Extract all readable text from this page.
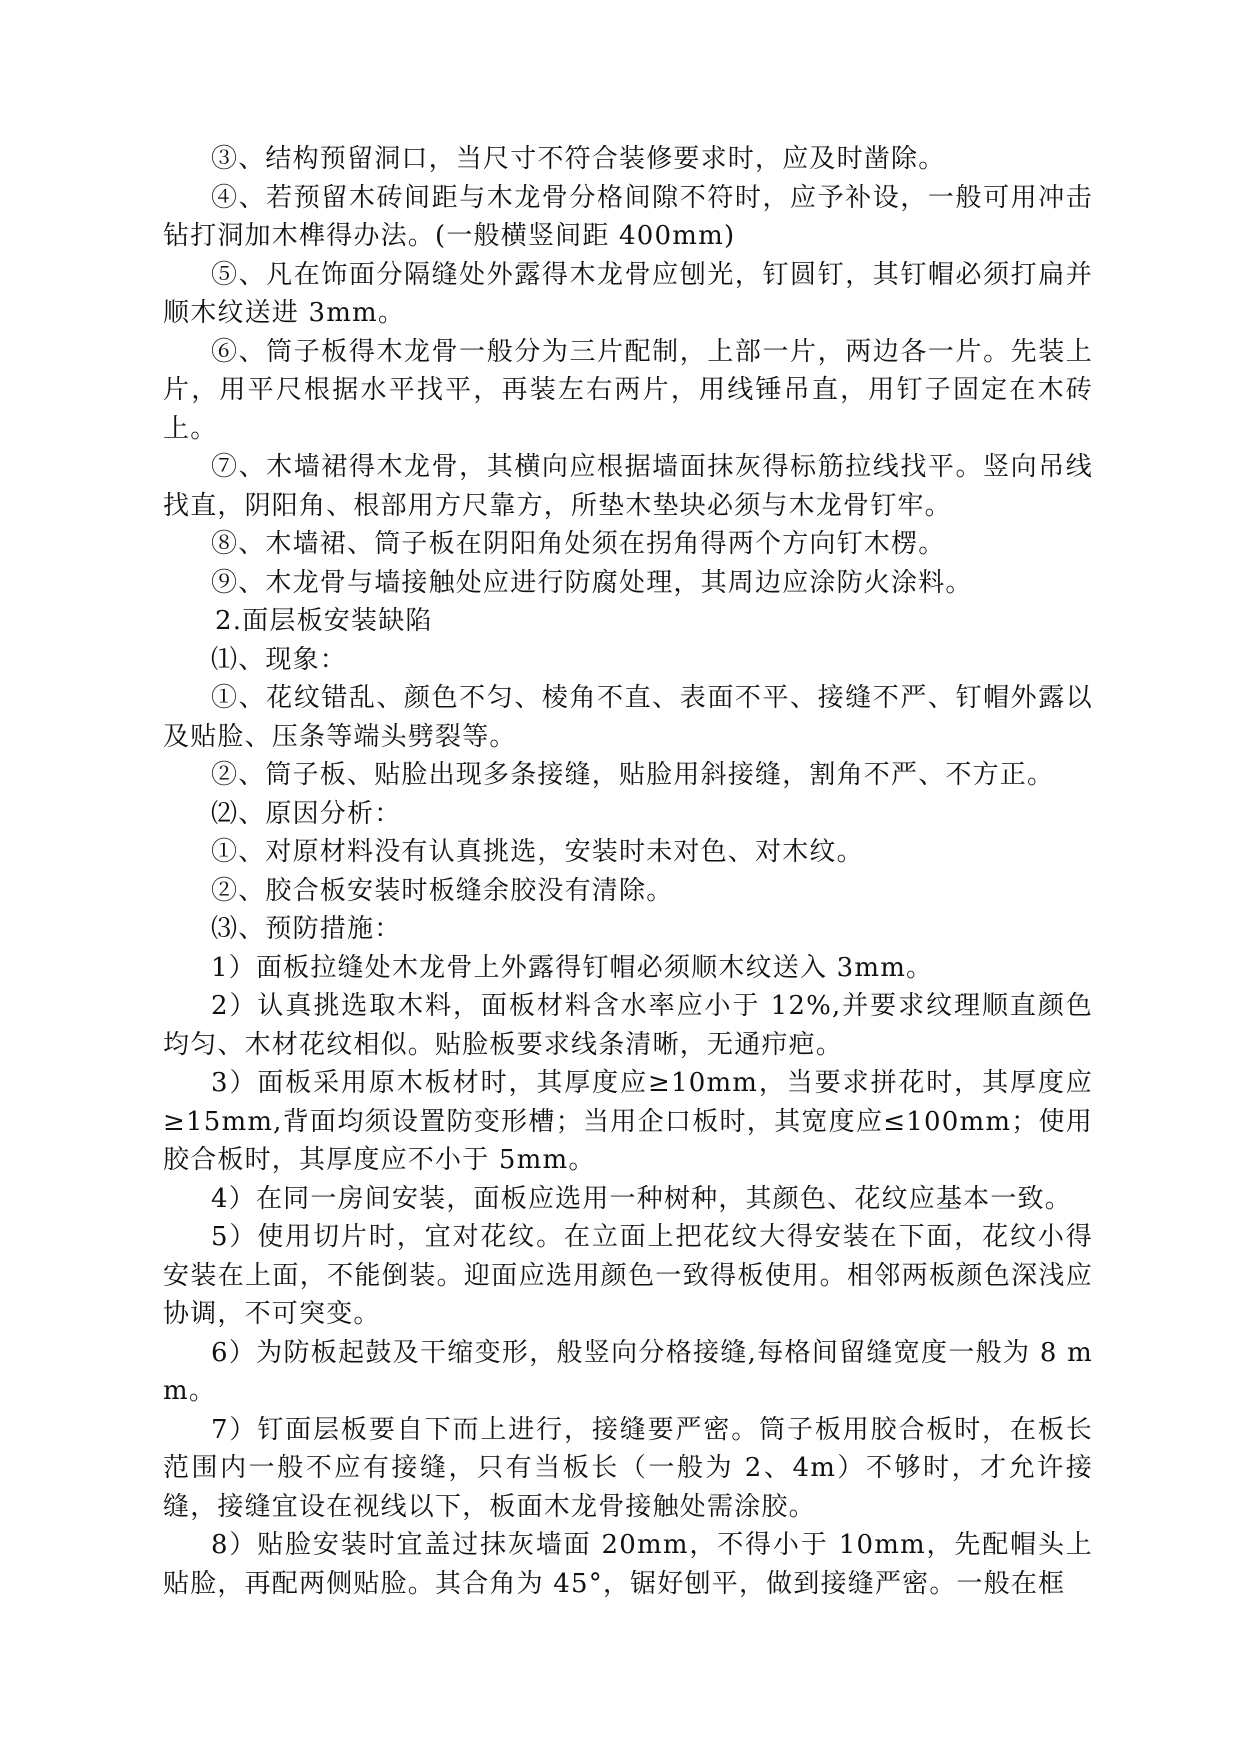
③、结构预留洞口，当尺寸不符合装修要求时，应及时凿除。

④、若预留木砖间距与木龙骨分格间隙不符时，应予补设，一般可用冲击钻打洞加木榫得办法。(一般横竖间距 400mm)

⑤、凡在饰面分隔缝处外露得木龙骨应刨光，钉圆钉，其钉帽必须打扁并顺木纹送进 3mm。

⑥、筒子板得木龙骨一般分为三片配制，上部一片，两边各一片。先装上片，用平尺根据水平找平，再装左右两片，用线锤吊直，用钉子固定在木砖上。

⑦、木墙裙得木龙骨，其横向应根据墙面抹灰得标筋拉线找平。竖向吊线找直，阴阳角、根部用方尺靠方，所垫木垫块必须与木龙骨钉牢。

⑧、木墙裙、筒子板在阴阳角处须在拐角得两个方向钉木楞。

⑨、木龙骨与墙接触处应进行防腐处理，其周边应涂防火涂料。

2.面层板安装缺陷

⑴、现象：

①、花纹错乱、颜色不匀、棱角不直、表面不平、接缝不严、钉帽外露以及贴脸、压条等端头劈裂等。

②、筒子板、贴脸出现多条接缝，贴脸用斜接缝，割角不严、不方正。

⑵、原因分析：

①、对原材料没有认真挑选，安装时未对色、对木纹。

②、胶合板安装时板缝余胶没有清除。

⑶、预防措施：

1）面板拉缝处木龙骨上外露得钉帽必须顺木纹送入 3mm。

2）认真挑选取木料，面板材料含水率应小于 12%,并要求纹理顺直颜色均匀、木材花纹相似。贴脸板要求线条清晰，无通疖疤。

3）面板采用原木板材时，其厚度应≥10mm，当要求拼花时，其厚度应≥15mm,背面均须设置防变形槽；当用企口板时，其宽度应≤100mm；使用胶合板时，其厚度应不小于 5mm。

4）在同一房间安装，面板应选用一种树种，其颜色、花纹应基本一致。

5）使用切片时，宜对花纹。在立面上把花纹大得安装在下面，花纹小得安装在上面，不能倒装。迎面应选用颜色一致得板使用。相邻两板颜色深浅应协调，不可突变。

6）为防板起鼓及干缩变形，般竖向分格接缝,每格间留缝宽度一般为 8 mm。

7）钉面层板要自下而上进行，接缝要严密。筒子板用胶合板时，在板长范围内一般不应有接缝，只有当板长（一般为 2、4m）不够时，才允许接缝，接缝宜设在视线以下，板面木龙骨接触处需涂胶。

8）贴脸安装时宜盖过抹灰墙面 20mm，不得小于 10mm，先配帽头上贴脸，再配两侧贴脸。其合角为 45°，锯好刨平，做到接缝严密。一般在框
